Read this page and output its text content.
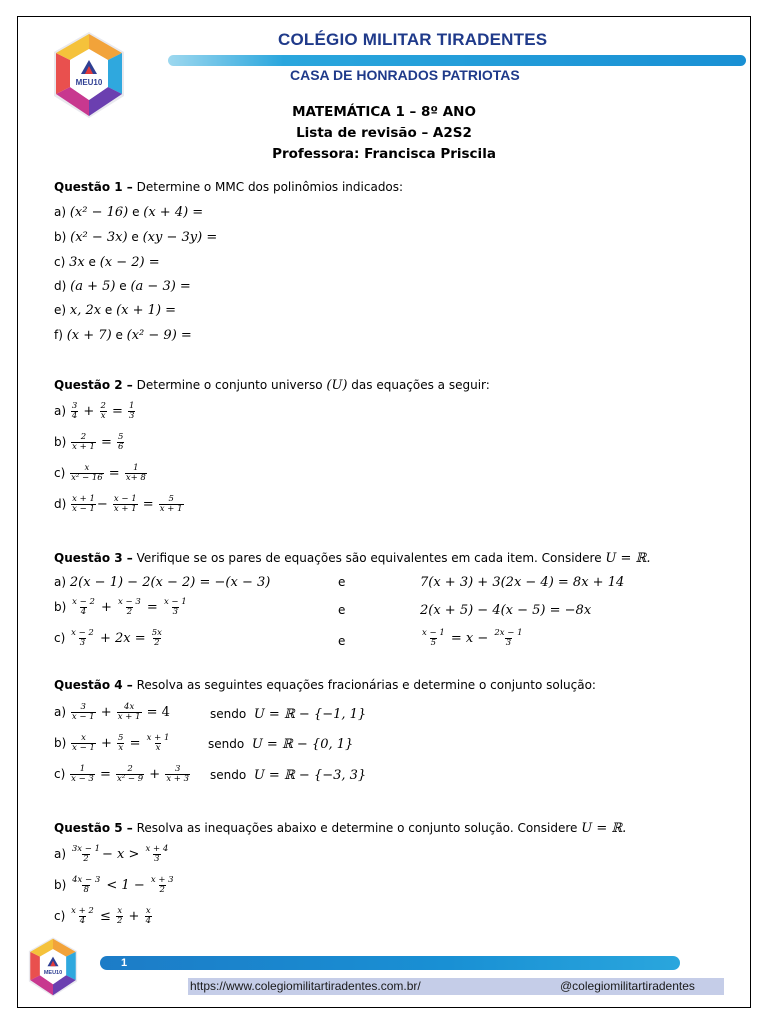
MEU10
COLÉGIO MILITAR TIRADENTES
CASA DE HONRADOS PATRIOTAS
MATEMÁTICA 1 – 8º ANO
Lista de revisão – A2S2
Professora: Francisca Priscila
Questão 1 – Determine o MMC dos polinômios indicados:
a) (x² − 16) e (x + 4) =
b) (x² − 3x) e (xy − 3y) =
c) 3x e (x − 2) =
d) (a + 5) e (a − 3) =
e) x, 2x e (x + 1) =
f) (x + 7) e (x² − 9) =
Questão 2 – Determine o conjunto universo (U) das equações a seguir:
$a) \frac{3}{4} + \frac{2}{x} = \frac{1}{3}$
$b) \frac{2}{x + 1} = \frac{5}{6}$
$c) \frac{x}{\text{x² − 16}} = \frac{1}{x+ 8}$
$d) \frac{x + 1}{x - 1} - \frac{x - 1}{x + 1} = \frac{5}{x + 1}$
Questão 3 – Verifique se os pares de equações são equivalentes em cada item. Considere U = ℝ.
a) 2(x − 1) − 2(x − 2) = −(x − 3)	e	7(x + 3) + 3(2x − 4) = 8x + 14
$b) \frac{x - 2}{4} + \frac{x - 3}{2} = \frac{x - 1}{3}$	e	2(x + 5) − 4(x − 5) = −8x
$c) \frac{x - 2}{3} + 2x = \frac{5x}{2}$	e	$\frac{x - 1}{5} = x - \frac{2x - 1}{3}$
Questão 4 – Resolva as seguintes equações fracionárias e determine o conjunto solução:
$a) \frac{3}{x - 1} + \frac{4x}{x + 1} = 4$	sendo U = ℝ − {−1, 1}
$b) \frac{x}{x - 1} + \frac{5}{x} = \frac{x + 1}{x}$	sendo U = ℝ − {0, 1}
$c) \frac{1}{x - 3} = \frac{2}{\text{x² − 9}} + \frac{3}{x + 3}$ sendo U = ℝ − {−3, 3}
Questão 5 – Resolva as inequações abaixo e determine o conjunto solução. Considere U = ℝ.
$a) \frac{3x - 1}{2} - x > \frac{x + 4}{3}$
$b) \frac{4x - 3}{8} < 1 - \frac{x + 3}{2}$
$c) \frac{x + 2}{4} \le \frac{x}{2} + \frac{x}{4}$
MEU10
1
https://www.colegiomilitartiradentes.com.br/	@colegiomilitartiradentes
